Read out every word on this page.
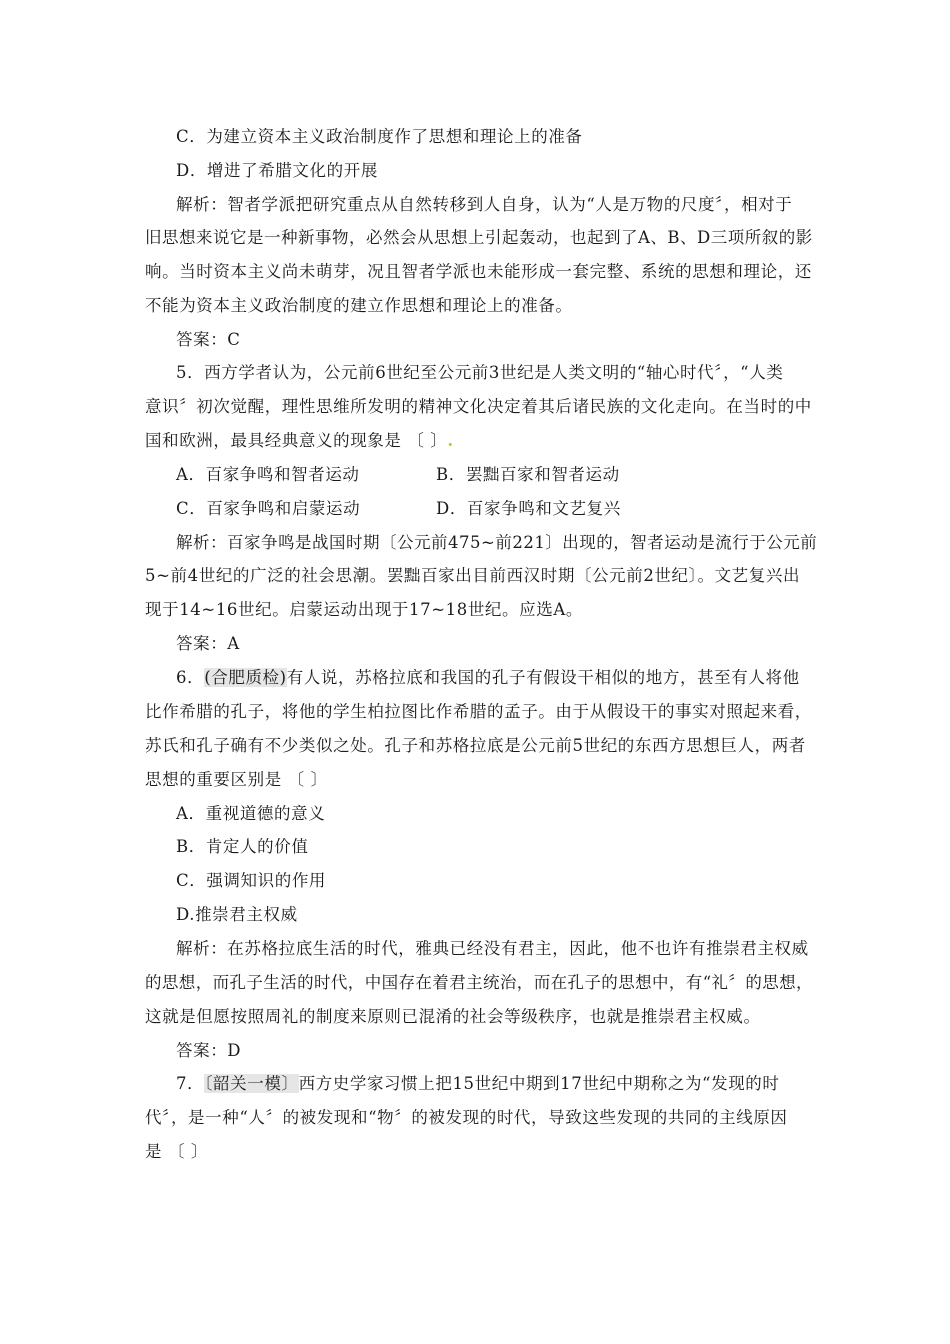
C．为建立资本主义政治制度作了思想和理论上的准备
D．增进了希腊文化的开展
解析：智者学派把研究重点从自然转移到人自身，认为“人是万物的尺度〞，相对于
旧思想来说它是一种新事物，必然会从思想上引起轰动，也起到了A、B、D三项所叙的影
响。当时资本主义尚未萌芽，况且智者学派也未能形成一套完整、系统的思想和理论，还
不能为资本主义政治制度的建立作思想和理论上的准备。
答案：C
5．西方学者认为，公元前6世纪至公元前3世纪是人类文明的“轴心时代〞，“人类
意识〞初次觉醒，理性思维所发明的精神文化决定着其后诸民族的文化走向。在当时的中
国和欧洲，最具经典意义的现象是 〔 〕.
A．百家争鸣和智者运动	B．罢黜百家和智者运动
C．百家争鸣和启蒙运动	D．百家争鸣和文艺复兴
解析：百家争鸣是战国时期〔公元前475~前221〕出现的，智者运动是流行于公元前
5~前4世纪的广泛的社会思潮。罢黜百家出目前西汉时期〔公元前2世纪〕。文艺复兴出
现于14~16世纪。启蒙运动出现于17~18世纪。应选A。
答案：A
6．(合肥质检)有人说，苏格拉底和我国的孔子有假设干相似的地方，甚至有人将他
比作希腊的孔子，将他的学生柏拉图比作希腊的孟子。由于从假设干的事实对照起来看，
苏氏和孔子确有不少类似之处。孔子和苏格拉底是公元前5世纪的东西方思想巨人，两者
思想的重要区别是 〔 〕
A．重视道德的意义
B．肯定人的价值
C．强调知识的作用
D.推崇君主权威
解析：在苏格拉底生活的时代，雅典已经没有君主，因此，他不也许有推崇君主权威
的思想，而孔子生活的时代，中国存在着君主统治，而在孔子的思想中，有“礼〞的思想，
这就是但愿按照周礼的制度来原则已混淆的社会等级秩序，也就是推崇君主权威。
答案：D
7．〔韶关一模〕西方史学家习惯上把15世纪中期到17世纪中期称之为“发现的时
代〞，是一种“人〞的被发现和“物〞的被发现的时代，导致这些发现的共同的主线原因
是 〔 〕
